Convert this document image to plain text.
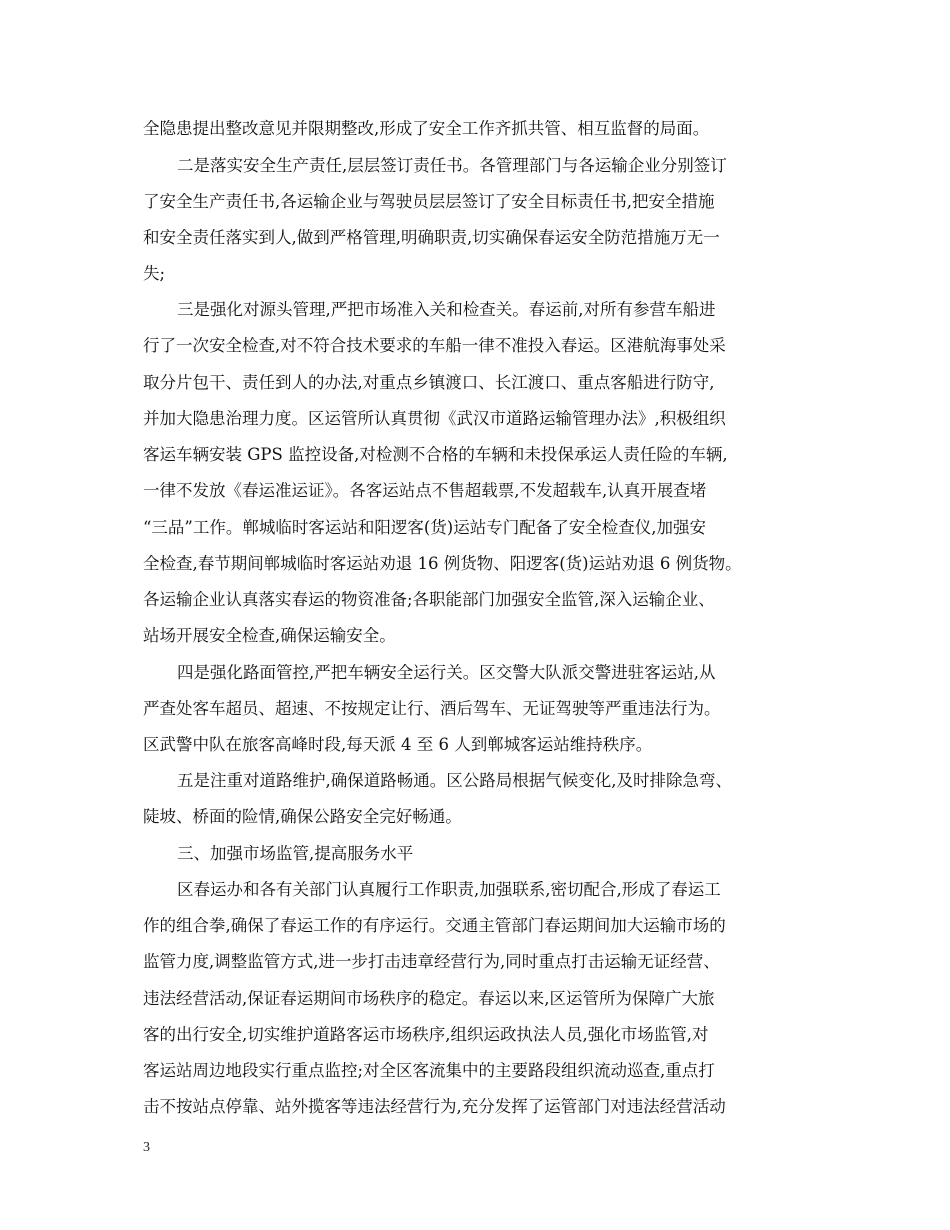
全隐患提出整改意见并限期整改,形成了安全工作齐抓共管、相互监督的局面。
二是落实安全生产责任,层层签订责任书。各管理部门与各运输企业分别签订
了安全生产责任书,各运输企业与驾驶员层层签订了安全目标责任书,把安全措施
和安全责任落实到人,做到严格管理,明确职责,切实确保春运安全防范措施万无一
失;
三是强化对源头管理,严把市场准入关和检查关。春运前,对所有参营车船进
行了一次安全检查,对不符合技术要求的车船一律不准投入春运。区港航海事处采
取分片包干、责任到人的办法,对重点乡镇渡口、长江渡口、重点客船进行防守,
并加大隐患治理力度。区运管所认真贯彻《武汉市道路运输管理办法》,积极组织
客运车辆安装 GPS 监控设备,对检测不合格的车辆和未投保承运人责任险的车辆,
一律不发放《春运准运证》。各客运站点不售超载票,不发超载车,认真开展查堵
“三品”工作。郸城临时客运站和阳逻客(货)运站专门配备了安全检查仪,加强安
全检查,春节期间郸城临时客运站劝退 16 例货物、阳逻客(货)运站劝退 6 例货物。
各运输企业认真落实春运的物资准备;各职能部门加强安全监管,深入运输企业、
站场开展安全检查,确保运输安全。
四是强化路面管控,严把车辆安全运行关。区交警大队派交警进驻客运站,从
严查处客车超员、超速、不按规定让行、酒后驾车、无证驾驶等严重违法行为。
区武警中队在旅客高峰时段,每天派 4 至 6 人到郸城客运站维持秩序。
五是注重对道路维护,确保道路畅通。区公路局根据气候变化,及时排除急弯、
陡坡、桥面的险情,确保公路安全完好畅通。
三、加强市场监管,提高服务水平
区春运办和各有关部门认真履行工作职责,加强联系,密切配合,形成了春运工
作的组合拳,确保了春运工作的有序运行。交通主管部门春运期间加大运输市场的
监管力度,调整监管方式,进一步打击违章经营行为,同时重点打击运输无证经营、
违法经营活动,保证春运期间市场秩序的稳定。春运以来,区运管所为保障广大旅
客的出行安全,切实维护道路客运市场秩序,组织运政执法人员,强化市场监管,对
客运站周边地段实行重点监控;对全区客流集中的主要路段组织流动巡查,重点打
击不按站点停靠、站外揽客等违法经营行为,充分发挥了运管部门对违法经营活动
3
